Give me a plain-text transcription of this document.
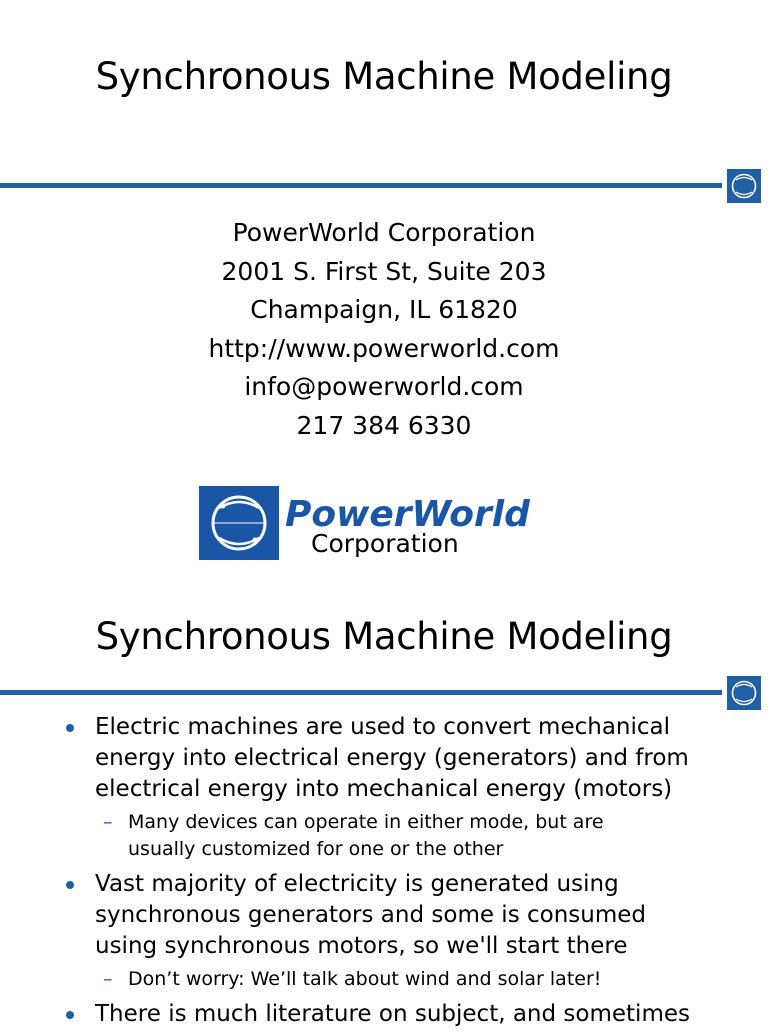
Synchronous Machine Modeling
PowerWorld Corporation
2001 S. First St, Suite 203
Champaign, IL 61820
http://www.powerworld.com
info@powerworld.com
217 384 6330
PowerWorld
Corporation
Synchronous Machine Modeling
Electric machines are used to convert mechanical
energy into electrical energy (generators) and from
electrical energy into mechanical energy (motors)
– Many devices can operate in either mode, but are
usually customized for one or the other
Vast majority of electricity is generated using
synchronous generators and some is consumed
using synchronous motors, so we'll start there
– Don’t worry: We’ll talk about wind and solar later!
There is much literature on subject, and sometimes
